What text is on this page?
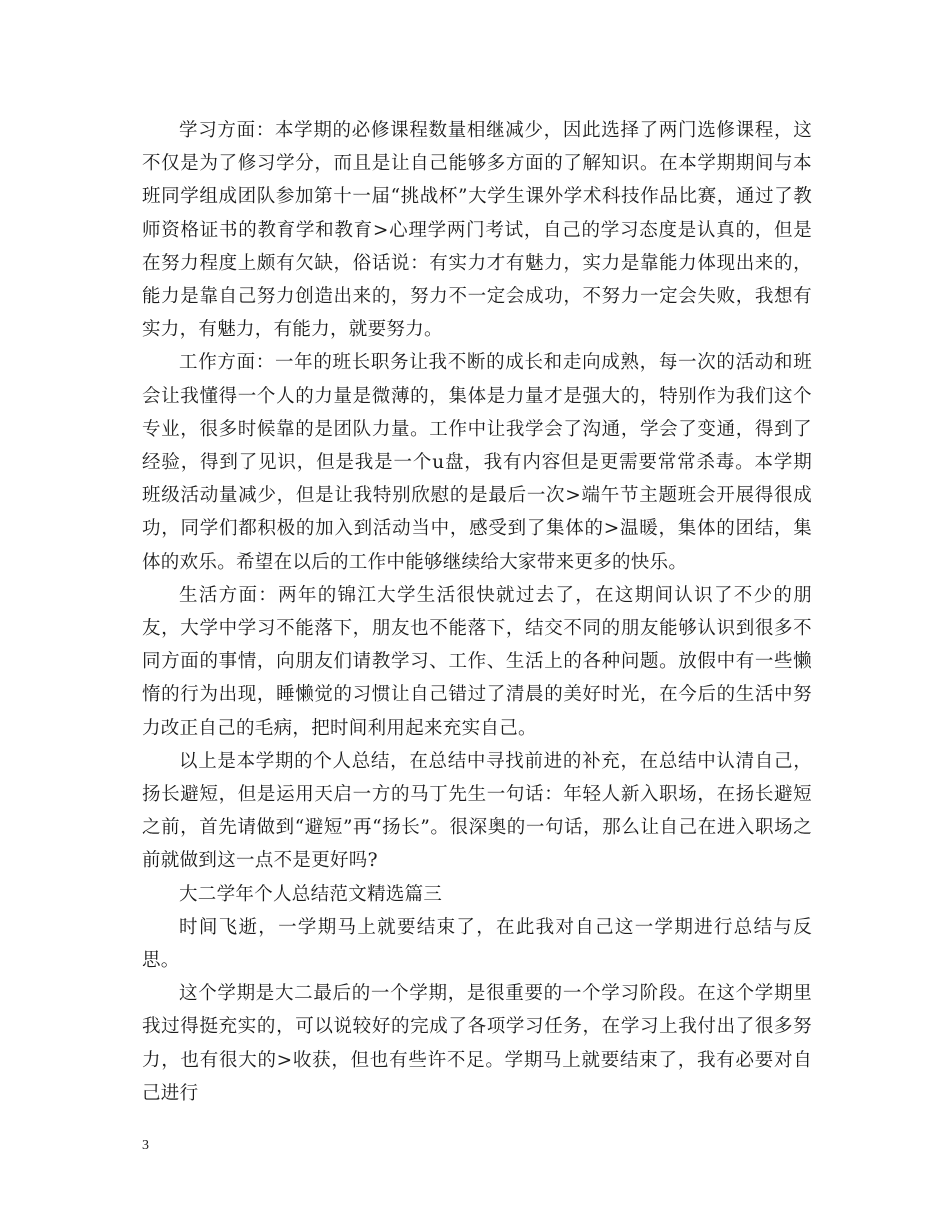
学习方面：本学期的必修课程数量相继减少，因此选择了两门选修课程，这不仅是为了修习学分，而且是让自己能够多方面的了解知识。在本学期期间与本班同学组成团队参加第十一届“挑战杯”大学生课外学术科技作品比赛，通过了教师资格证书的教育学和教育>心理学两门考试，自己的学习态度是认真的，但是在努力程度上颇有欠缺，俗话说：有实力才有魅力，实力是靠能力体现出来的，能力是靠自己努力创造出来的，努力不一定会成功，不努力一定会失败，我想有实力，有魅力，有能力，就要努力。

工作方面：一年的班长职务让我不断的成长和走向成熟，每一次的活动和班会让我懂得一个人的力量是微薄的，集体是力量才是强大的，特别作为我们这个专业，很多时候靠的是团队力量。工作中让我学会了沟通，学会了变通，得到了经验，得到了见识，但是我是一个u盘，我有内容但是更需要常常杀毒。本学期班级活动量减少，但是让我特别欣慰的是最后一次>端午节主题班会开展得很成功，同学们都积极的加入到活动当中，感受到了集体的>温暖，集体的团结，集体的欢乐。希望在以后的工作中能够继续给大家带来更多的快乐。

生活方面：两年的锦江大学生活很快就过去了，在这期间认识了不少的朋友，大学中学习不能落下，朋友也不能落下，结交不同的朋友能够认识到很多不同方面的事情，向朋友们请教学习、工作、生活上的各种问题。放假中有一些懒惰的行为出现，睡懒觉的习惯让自己错过了清晨的美好时光，在今后的生活中努力改正自己的毛病，把时间利用起来充实自己。

以上是本学期的个人总结，在总结中寻找前进的补充，在总结中认清自己，扬长避短，但是运用天启一方的马丁先生一句话：年轻人新入职场，在扬长避短之前，首先请做到“避短”再“扬长”。很深奥的一句话，那么让自己在进入职场之前就做到这一点不是更好吗?

大二学年个人总结范文精选篇三

时间飞逝，一学期马上就要结束了，在此我对自己这一学期进行总结与反思。

这个学期是大二最后的一个学期，是很重要的一个学习阶段。在这个学期里我过得挺充实的，可以说较好的完成了各项学习任务，在学习上我付出了很多努力，也有很大的>收获，但也有些许不足。学期马上就要结束了，我有必要对自己进行

3
